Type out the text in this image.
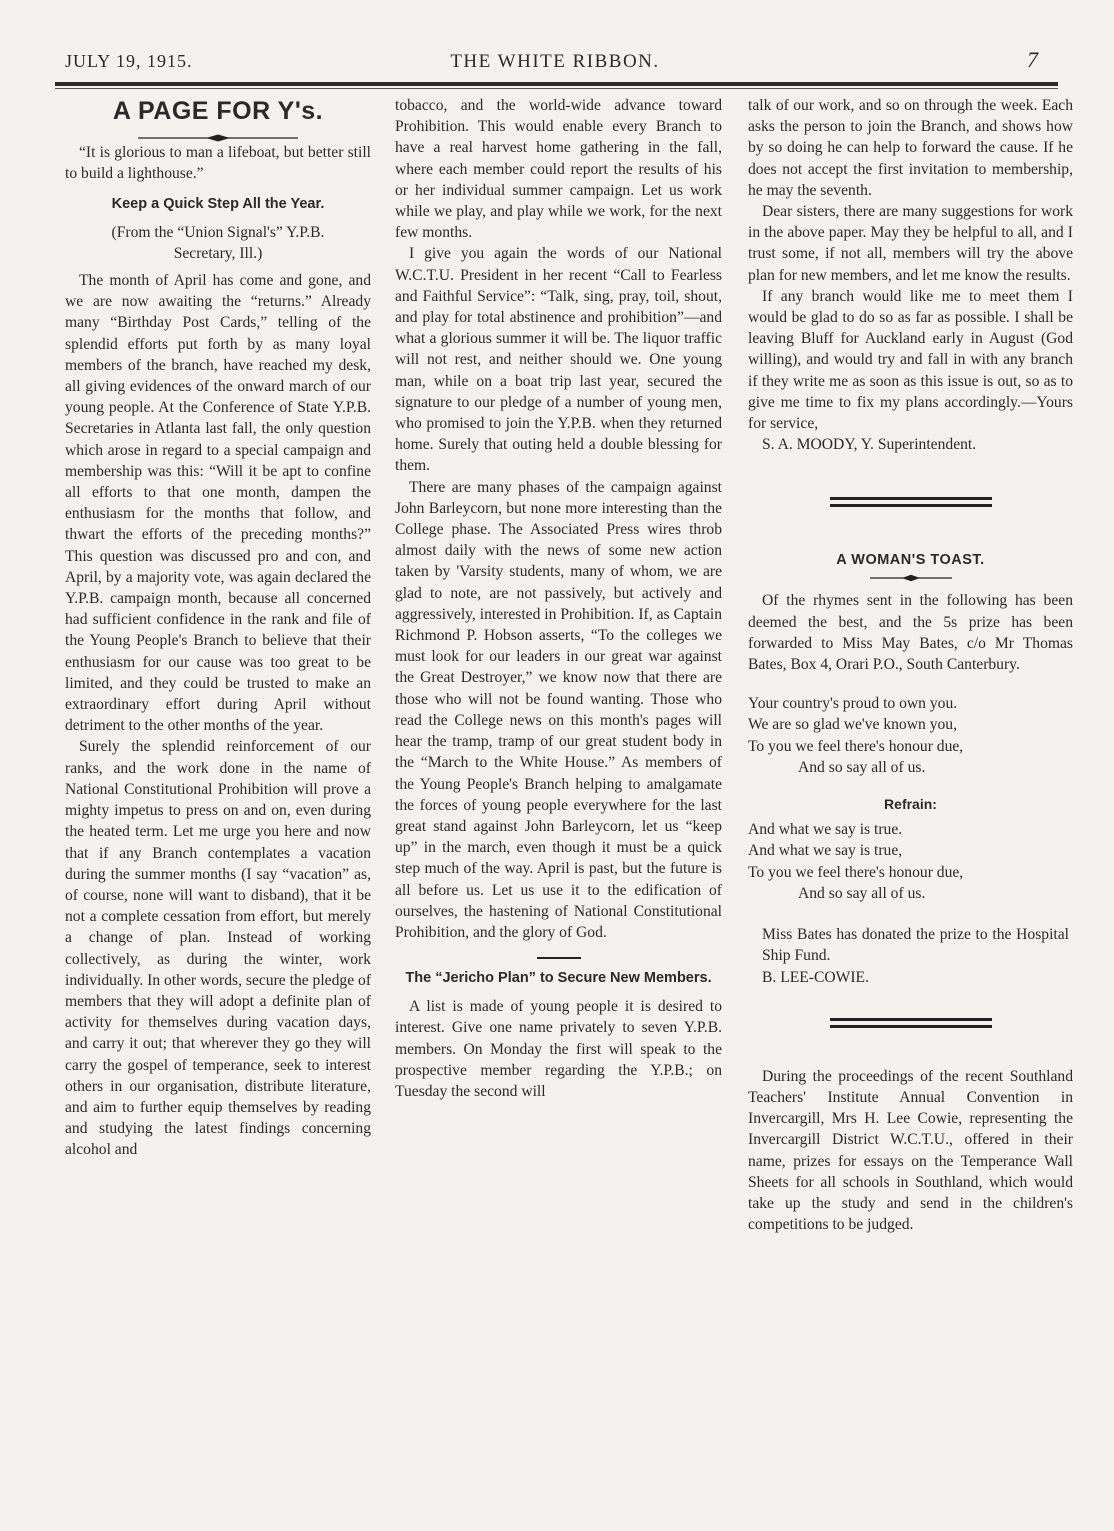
JULY 19, 1915.	THE WHITE RIBBON.	7
A PAGE FOR Y's.

“It is glorious to man a lifeboat, but better still to build a lighthouse.”

Keep a Quick Step All the Year.
(From the “Union Signal's” Y.P.B.
Secretary, Ill.)

The month of April has come and gone, and we are now awaiting the “returns.” Already many “Birthday Post Cards,” telling of the splendid efforts put forth by as many loyal members of the branch, have reached my desk, all giving evidences of the onward march of our young people. At the Conference of State Y.P.B. Secretaries in Atlanta last fall, the only question which arose in regard to a special campaign and membership was this: “Will it be apt to confine all efforts to that one month, dampen the enthusiasm for the months that follow, and thwart the efforts of the preceding months?” This question was discussed pro and con, and April, by a majority vote, was again declared the Y.P.B. campaign month, because all concerned had sufficient confidence in the rank and file of the Young People's Branch to believe that their enthusiasm for our cause was too great to be limited, and they could be trusted to make an extraordinary effort during April without detriment to the other months of the year.

Surely the splendid reinforcement of our ranks, and the work done in the name of National Constitutional Prohibition will prove a mighty impetus to press on and on, even during the heated term. Let me urge you here and now that if any Branch contemplates a vacation during the summer months (I say “vacation” as, of course, none will want to disband), that it be not a complete cessation from effort, but merely a change of plan. Instead of working collectively, as during the winter, work individually. In other words, secure the pledge of members that they will adopt a definite plan of activity for themselves during vacation days, and carry it out; that wherever they go they will carry the gospel of temperance, seek to interest others in our organisation, distribute literature, and aim to further equip themselves by reading and studying the latest findings concerning alcohol and

tobacco, and the world-wide advance toward Prohibition. This would enable every Branch to have a real harvest home gathering in the fall, where each member could report the results of his or her individual summer campaign. Let us work while we play, and play while we work, for the next few months.

I give you again the words of our National W.C.T.U. President in her recent “Call to Fearless and Faithful Service”: “Talk, sing, pray, toil, shout, and play for total abstinence and prohibition”—and what a glorious summer it will be. The liquor traffic will not rest, and neither should we. One young man, while on a boat trip last year, secured the signature to our pledge of a number of young men, who promised to join the Y.P.B. when they returned home. Surely that outing held a double blessing for them.

There are many phases of the campaign against John Barleycorn, but none more interesting than the College phase. The Associated Press wires throb almost daily with the news of some new action taken by 'Varsity students, many of whom, we are glad to note, are not passively, but actively and aggressively, interested in Prohibition. If, as Captain Richmond P. Hobson asserts, “To the colleges we must look for our leaders in our great war against the Great Destroyer,” we know now that there are those who will not be found wanting. Those who read the College news on this month's pages will hear the tramp, tramp of our great student body in the “March to the White House.” As members of the Young People's Branch helping to amalgamate the forces of young people everywhere for the last great stand against John Barleycorn, let us “keep up” in the march, even though it must be a quick step much of the way. April is past, but the future is all before us. Let us use it to the edification of ourselves, the hastening of National Constitutional Prohibition, and the glory of God.

The “Jericho Plan” to Secure New Members.

A list is made of young people it is desired to interest. Give one name privately to seven Y.P.B. members. On Monday the first will speak to the prospective member regarding the Y.P.B.; on Tuesday the second will

talk of our work, and so on through the week. Each asks the person to join the Branch, and shows how by so doing he can help to forward the cause. If he does not accept the first invitation to membership, he may the seventh.

Dear sisters, there are many suggestions for work in the above paper. May they be helpful to all, and I trust some, if not all, members will try the above plan for new members, and let me know the results.

If any branch would like me to meet them I would be glad to do so as far as possible. I shall be leaving Bluff for Auckland early in August (God willing), and would try and fall in with any branch if they write me as soon as this issue is out, so as to give me time to fix my plans accordingly.—Yours for service,

S. A. MOODY, Y. Superintendent.

A WOMAN'S TOAST.

Of the rhymes sent in the following has been deemed the best, and the 5s prize has been forwarded to Miss May Bates, c/o Mr Thomas Bates, Box 4, Orari P.O., South Canterbury.

Your country's proud to own you.
We are so glad we've known you,
To you we feel there's honour due,
And so say all of us.
Refrain:
And what we say is true.
And what we say is true,
To you we feel there's honour due,
And so say all of us.

Miss Bates has donated the prize to the Hospital Ship Fund.

B. LEE-COWIE.

During the proceedings of the recent Southland Teachers' Institute Annual Convention in Invercargill, Mrs H. Lee Cowie, representing the Invercargill District W.C.T.U., offered in their name, prizes for essays on the Temperance Wall Sheets for all schools in Southland, which would take up the study and send in the children's competitions to be judged.
